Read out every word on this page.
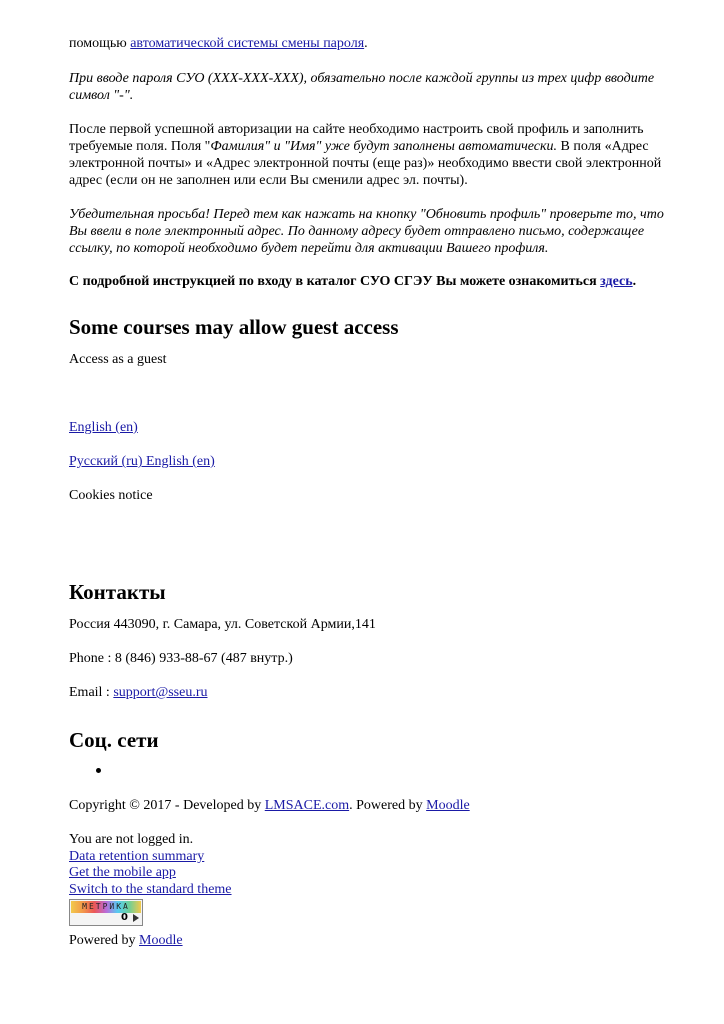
помощью автоматической системы смены пароля.

При вводе пароля СУО (ХХХ-ХХХ-ХХХ), обязательно после каждой группы из трех цифр вводите символ "-".

После первой успешной авторизации на сайте необходимо настроить свой профиль и заполнить требуемые поля. Поля "Фамилия" и "Имя" уже будут заполнены автоматически. В поля «Адрес электронной почты» и «Адрес электронной почты (еще раз)» необходимо ввести свой электронной адрес (если он не заполнен или если Вы сменили адрес эл. почты).

Убедительная просьба! Перед тем как нажать на кнопку "Обновить профиль" проверьте то, что Вы ввели в поле электронный адрес. По данному адресу будет отправлено письмо, содержащее ссылку, по которой необходимо будет перейти для активации Вашего профиля.

С подробной инструкцией по входу в каталог СУО СГЭУ Вы можете ознакомиться здесь.

Some courses may allow guest access

Access as a guest

English (en)

Русский (ru) English (en)

Cookies notice

Контакты

Россия 443090, г. Самара, ул. Советской Армии,141

Phone : 8 (846) 933-88-67 (487 внутр.)

Email : support@sseu.ru

Соц. сети

Copyright © 2017 - Developed by LMSACE.com. Powered by Moodle

You are not logged in.

Data retention summary

Get the mobile app

Switch to the standard theme

МЕТРИКА
0

Powered by Moodle
